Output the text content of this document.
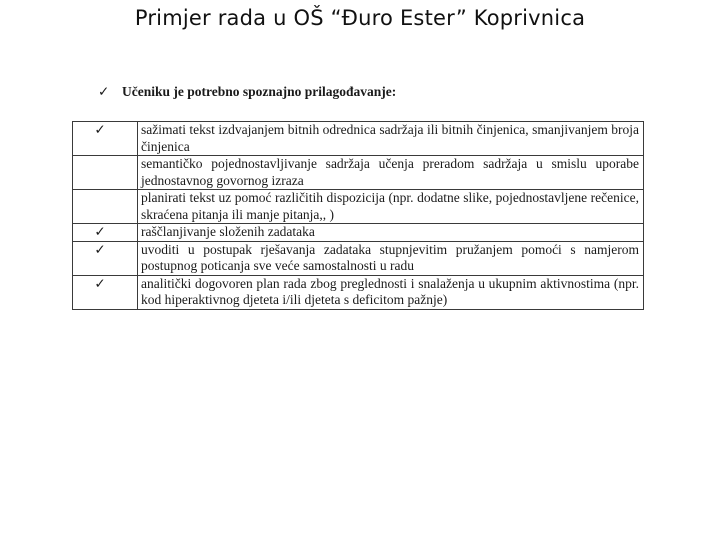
Primjer rada u OŠ “Đuro Ester” Koprivnica
✓ Učeniku je potrebno spoznajno prilagođavanje:
✓	sažimati tekst izdvajanjem bitnih odrednica sadržaja ili bitnih činjenica, smanjivanjem broja činjenica

	semantičko pojednostavljivanje sadržaja učenja preradom sadržaja u smislu uporabe jednostavnog govornog izraza

	planirati tekst uz pomoć različitih dispozicija (npr. dodatne slike, pojednostavljene rečenice, skraćena pitanja ili manje pitanja,, )

✓	raščlanjivanje složenih zadataka

✓	uvoditi u postupak rješavanja zadataka stupnjevitim pružanjem pomoći s namjerom postupnog poticanja sve veće samostalnosti u radu

✓	analitički dogovoren plan rada zbog preglednosti i snalaženja u ukupnim aktivnostima (npr. kod hiperaktivnog djeteta i/ili djeteta s deficitom pažnje)
